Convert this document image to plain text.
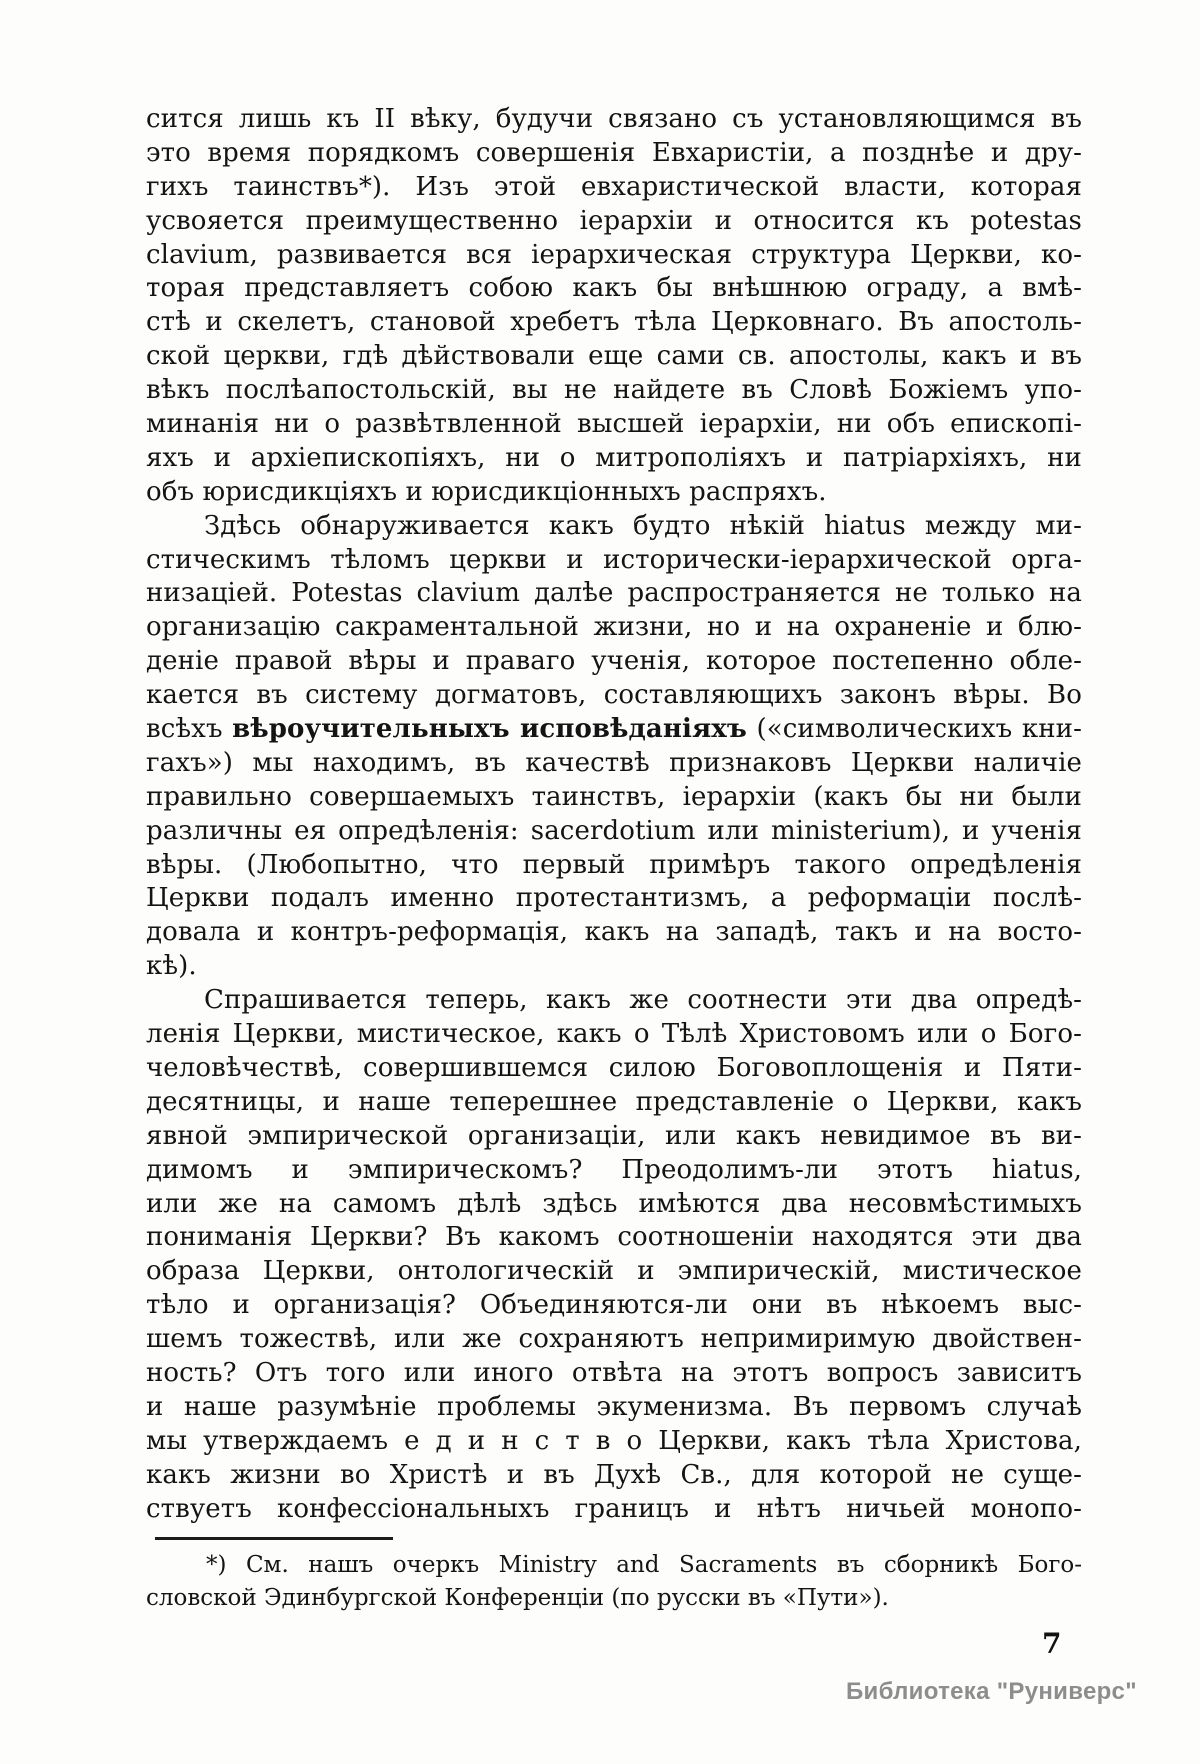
сится лишь къ II вѣку, будучи связано съ установляющимся въ
это время порядкомъ совершенія Евхаристіи, а позднѣе и дру-
гихъ таинствъ*). Изъ этой евхаристической власти, которая
усвояется преимущественно іерархіи и относится къ potestas
clavium, развивается вся іерархическая структура Церкви, ко-
торая представляетъ собою какъ бы внѣшнюю ограду, а вмѣ-
стѣ и скелетъ, становой хребетъ тѣла Церковнаго. Въ апостоль-
ской церкви, гдѣ дѣйствовали еще сами св. апостолы, какъ и въ
вѣкъ послѣапостольскій, вы не найдете въ Словѣ Божіемъ упо-
минанія ни о развѣтвленной высшей іерархіи, ни объ епископі-
яхъ и архіепископіяхъ, ни о митрополіяхъ и патріархіяхъ, ни
объ юрисдикціяхъ и юрисдикціонныхъ распряхъ.
Здѣсь обнаруживается какъ будто нѣкій hiatus между ми-
стическимъ тѣломъ церкви и исторически-іерархической орга-
низаціей. Potestas clavium далѣе распространяется не только на
организацію сакраментальной жизни, но и на охраненіе и блю-
деніе правой вѣры и праваго ученія, которое постепенно обле-
кается въ систему догматовъ, составляющихъ законъ вѣры. Во
всѣхъ вѣроучительныхъ исповѣданіяхъ («символическихъ кни-
гахъ») мы находимъ, въ качествѣ признаковъ Церкви наличіе
правильно совершаемыхъ таинствъ, іерархіи (какъ бы ни были
различны ея опредѣленія: sacerdotium или ministerium), и ученія
вѣры. (Любопытно, что первый примѣръ такого опредѣленія
Церкви подалъ именно протестантизмъ, а реформаціи послѣ-
довала и контръ-реформація, какъ на западѣ, такъ и на восто-
кѣ).
Спрашивается теперь, какъ же соотнести эти два опредѣ-
ленія Церкви, мистическое, какъ о Тѣлѣ Христовомъ или о Бого-
человѣчествѣ, совершившемся силою Боговоплощенія и Пяти-
десятницы, и наше теперешнее представленіе о Церкви, какъ
явной эмпирической организаціи, или какъ невидимое въ ви-
димомъ и эмпирическомъ? Преодолимъ-ли этотъ hiatus,
или же на самомъ дѣлѣ здѣсь имѣются два несовмѣстимыхъ
пониманія Церкви? Въ какомъ соотношеніи находятся эти два
образа Церкви, онтологическій и эмпирическій, мистическое
тѣло и организація? Объединяются-ли они въ нѣкоемъ выс-
шемъ тожествѣ, или же сохраняютъ непримиримую двойствен-
ность? Отъ того или иного отвѣта на этотъ вопросъ зависитъ
и наше разумѣніе проблемы экуменизма. Въ первомъ случаѣ
мы утверждаемъ е д и н с т в о Церкви, какъ тѣла Христова,
какъ жизни во Христѣ и въ Духѣ Св., для которой не суще-
ствуетъ конфессіональныхъ границъ и нѣтъ ничьей монопо-
*) См. нашъ очеркъ Ministry and Sacraments въ сборникѣ Бого-
словской Эдинбургской Конференціи (по русски въ «Пути»).
7
Библиотека "Руниверс"
